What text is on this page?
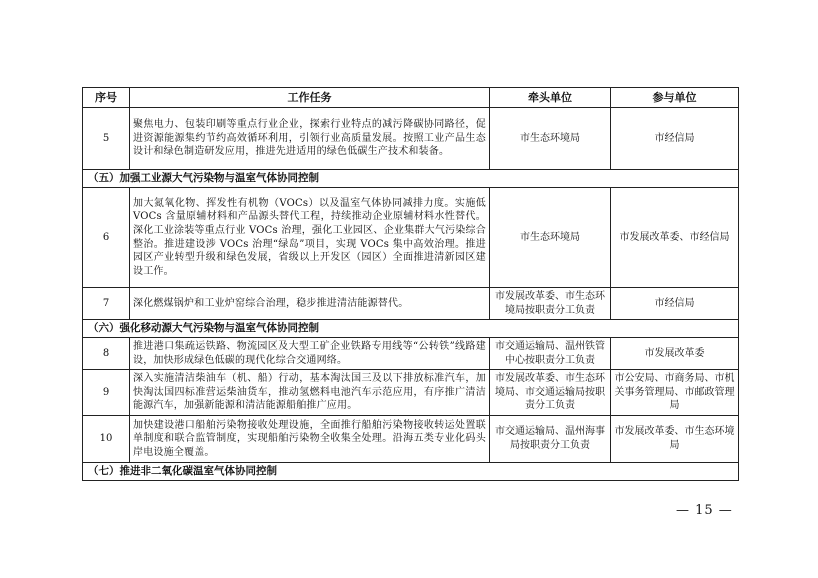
序号	工作任务	牵头单位	参与单位
5	聚焦电力、包装印刷等重点行业企业，探索行业特点的减污降碳协同路径，促进资源能源集约节约高效循环利用，引领行业高质量发展。按照工业产品生态设计和绿色制造研发应用，推进先进适用的绿色低碳生产技术和装备。	市生态环境局	市经信局
（五）加强工业源大气污染物与温室气体协同控制			
6	加大氮氧化物、挥发性有机物（VOCs）以及温室气体协同减排力度。实施低 VOCs 含量原辅材料和产品源头替代工程，持续推动企业原辅材料水性替代。深化工业涂装等重点行业 VOCs 治理，强化工业园区、企业集群大气污染综合整治。推进建设涉 VOCs 治理“绿岛”项目，实现 VOCs 集中高效治理。推进园区产业转型升级和绿色发展，省级以上开发区（园区）全面推进清新园区建设工作。	市生态环境局	市发展改革委、市经信局
7	深化燃煤锅炉和工业炉窑综合治理，稳步推进清洁能源替代。	市发展改革委、市生态环境局按职责分工负责	市经信局
（六）强化移动源大气污染物与温室气体协同控制			
8	推进港口集疏运铁路、物流园区及大型工矿企业铁路专用线等“公转铁”线路建设，加快形成绿色低碳的现代化综合交通网络。	市交通运输局、温州铁管中心按职责分工负责	市发展改革委
9	深入实施清洁柴油车（机、船）行动，基本淘汰国三及以下排放标准汽车，加快淘汰国四标准营运柴油货车，推动氢燃料电池汽车示范应用，有序推广清洁能源汽车，加强新能源和清洁能源船舶推广应用。	市发展改革委、市生态环境局、市交通运输局按职责分工负责	市公安局、市商务局、市机关事务管理局、市邮政管理局
10	加快建设港口船舶污染物接收处理设施，全面推行船舶污染物接收转运处置联单制度和联合监管制度，实现船舶污染物全收集全处理。沿海五类专业化码头岸电设施全覆盖。	市交通运输局、温州海事局按职责分工负责	市发展改革委、市生态环境局
（七）推进非二氧化碳温室气体协同控制			
— 15 —
